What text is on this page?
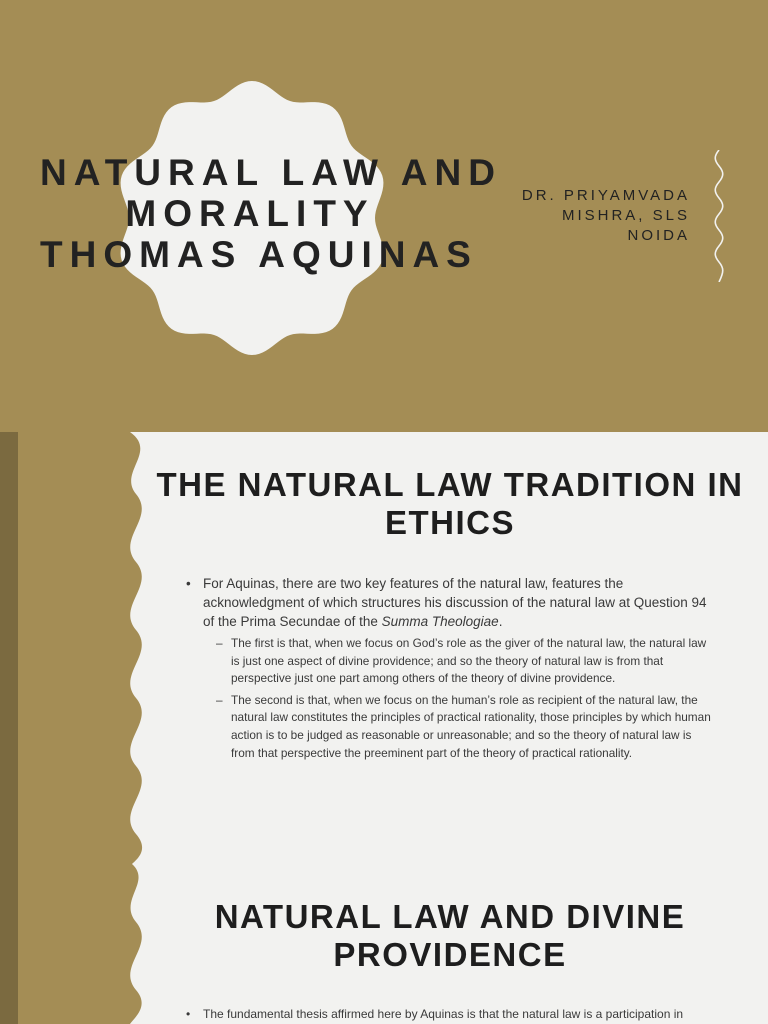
NATURAL LAW AND
MORALITY
THOMAS AQUINAS
DR. PRIYAMVADA
MISHRA, SLS
NOIDA
THE NATURAL LAW TRADITION IN ETHICS

• For Aquinas, there are two key features of the natural law, features the acknowledgment of which structures his discussion of the natural law at Question 94 of the Prima Secundae of the Summa Theologiae.

– The first is that, when we focus on God’s role as the giver of the natural law, the natural law is just one aspect of divine providence; and so the theory of natural law is from that perspective just one part among others of the theory of divine providence.

– The second is that, when we focus on the human’s role as recipient of the natural law, the natural law constitutes the principles of practical rationality, those principles by which human action is to be judged as reasonable or unreasonable; and so the theory of natural law is from that perspective the preeminent part of the theory of practical rationality.

NATURAL LAW AND DIVINE PROVIDENCE

• The fundamental thesis affirmed here by Aquinas is that the natural law is a participation in
